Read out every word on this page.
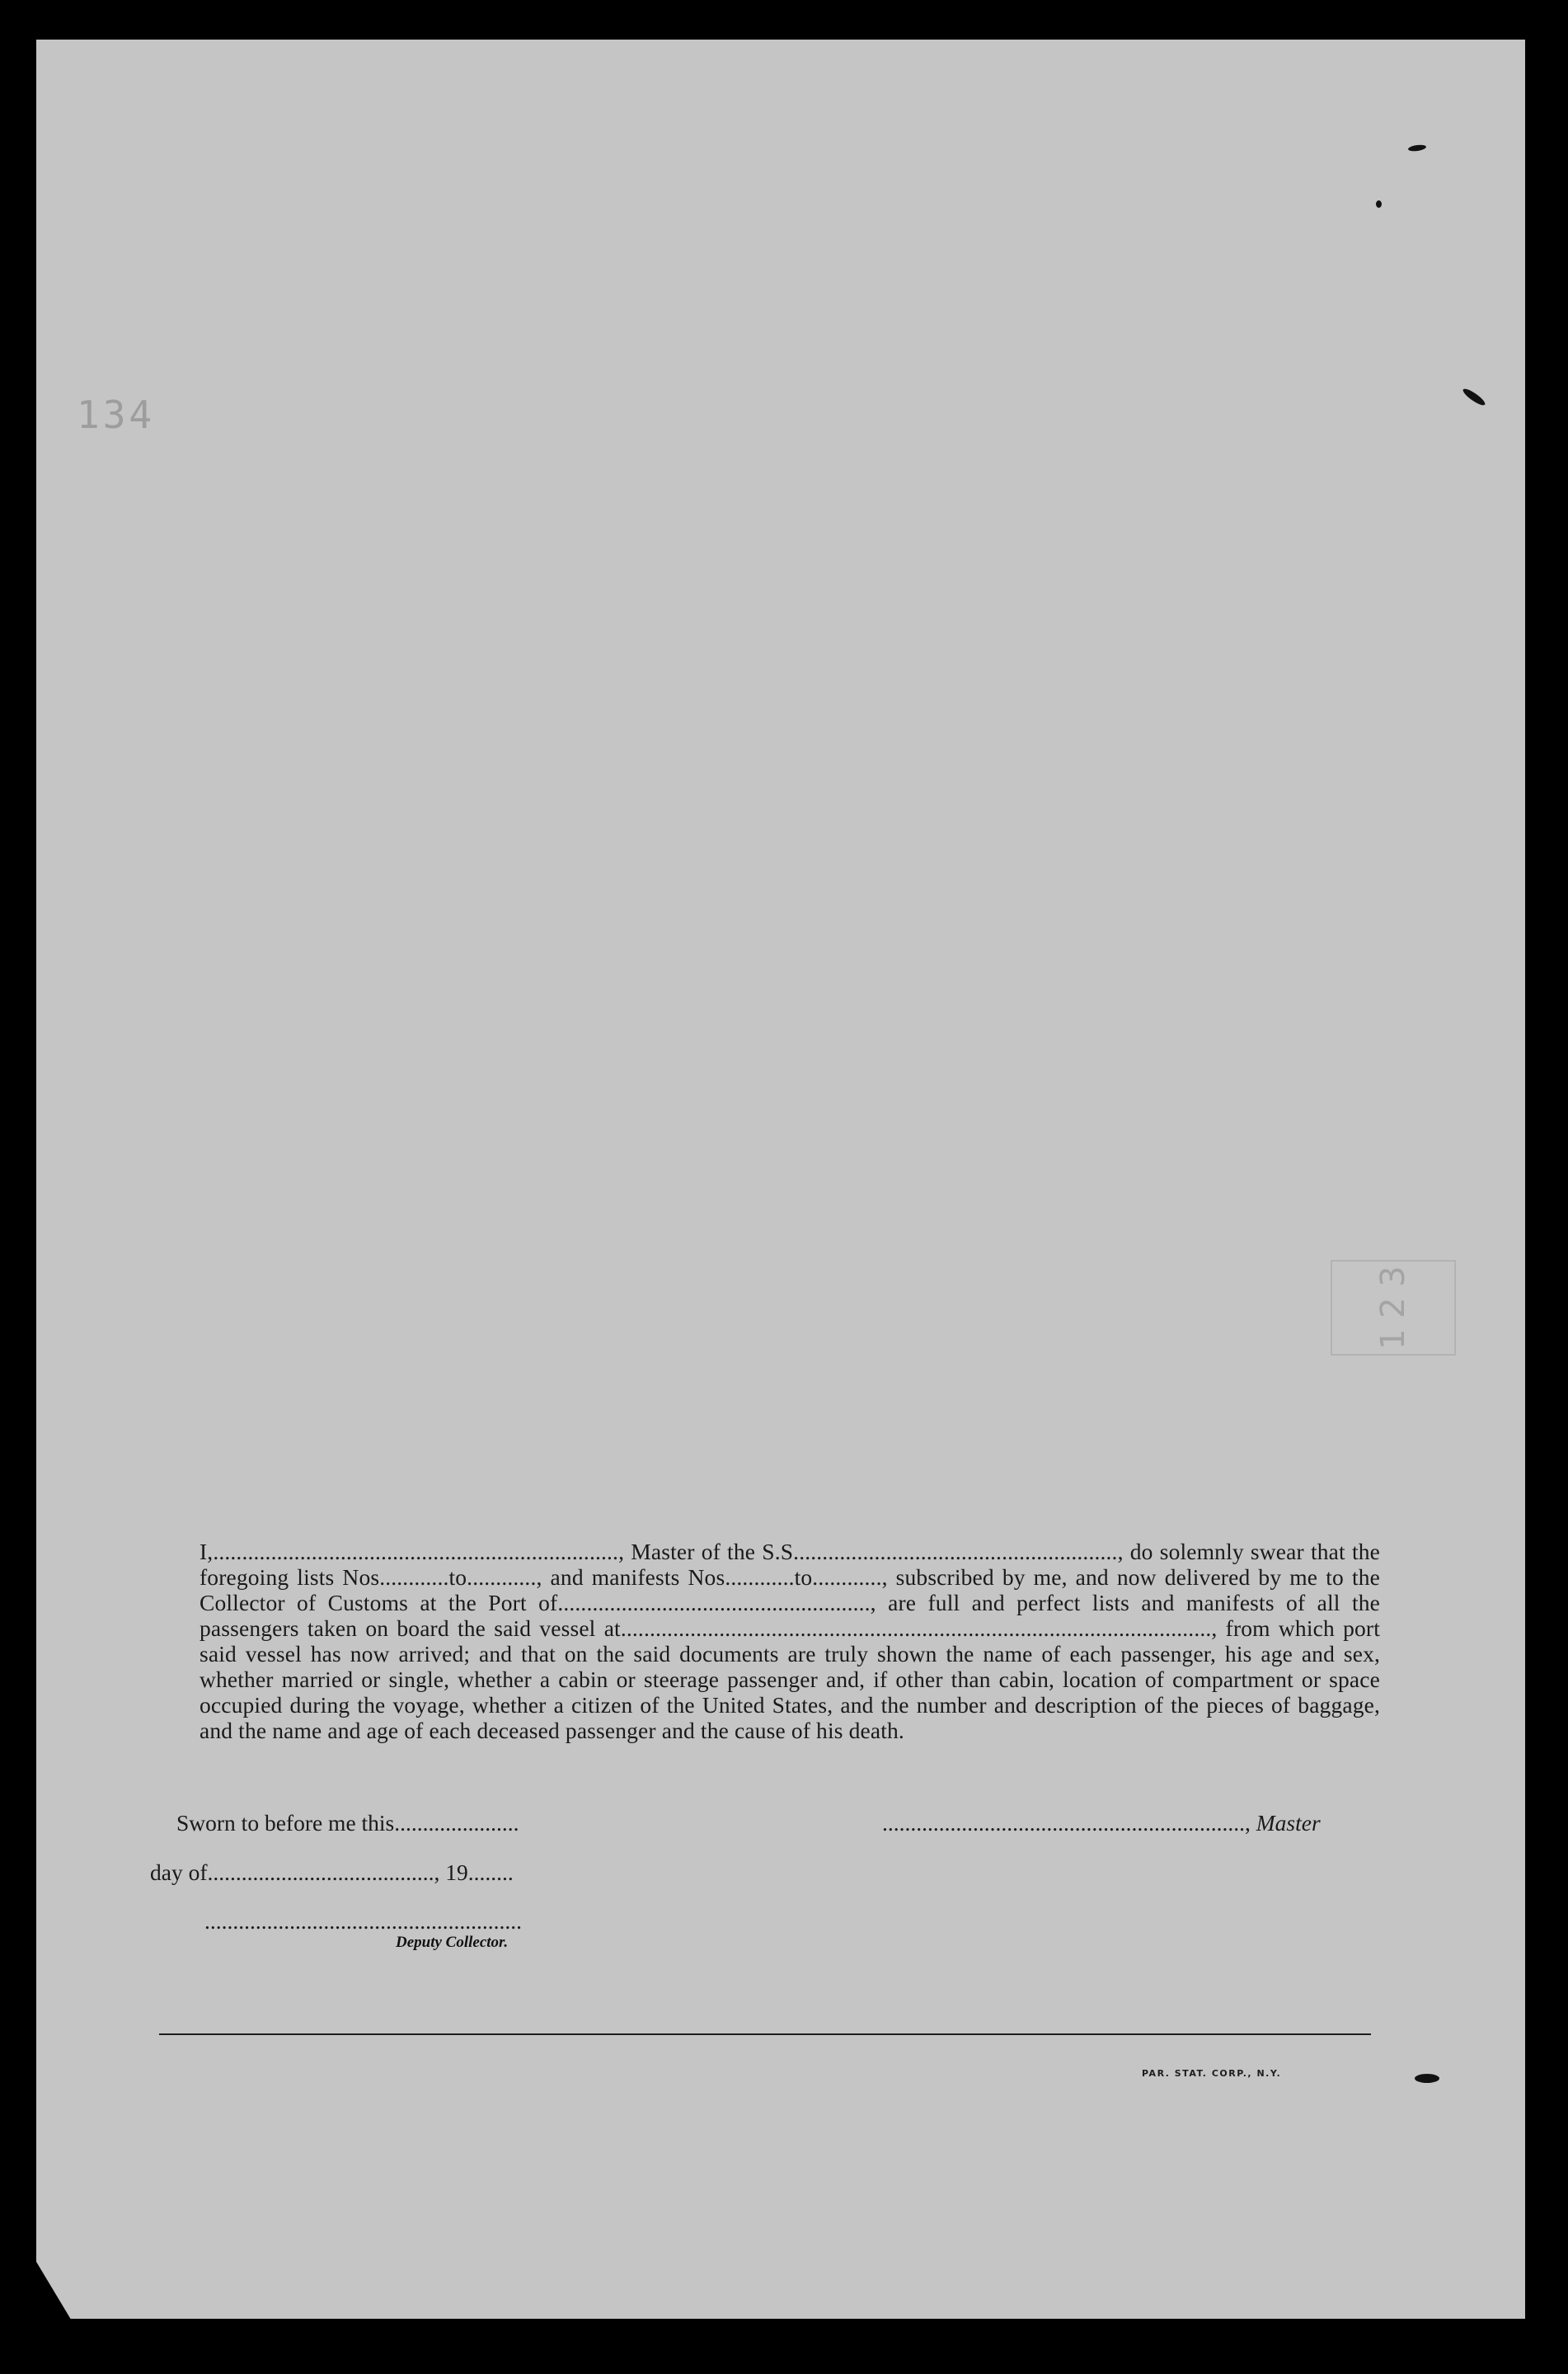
134
1 2 3

I,......................................................................, Master of the S.S........................................................, do solemnly swear that the foregoing lists Nos............to............, and manifests Nos............to............, subscribed by me, and now delivered by me to the Collector of Customs at the Port of......................................................, are full and perfect lists and manifests of all the passengers taken on board the said vessel at......................................................................................................, from which port said vessel has now arrived; and that on the said documents are truly shown the name of each passenger, his age and sex, whether married or single, whether a cabin or steerage passenger and, if other than cabin, location of compartment or space occupied during the voyage, whether a citizen of the United States, and the number and description of the pieces of baggage, and the name and age of each deceased passenger and the cause of his death.

Sworn to before me this......................	................................................................, Master
day of........................................, 19........
........................................................
Deputy Collector.
PAR. STAT. CORP., N.Y.
